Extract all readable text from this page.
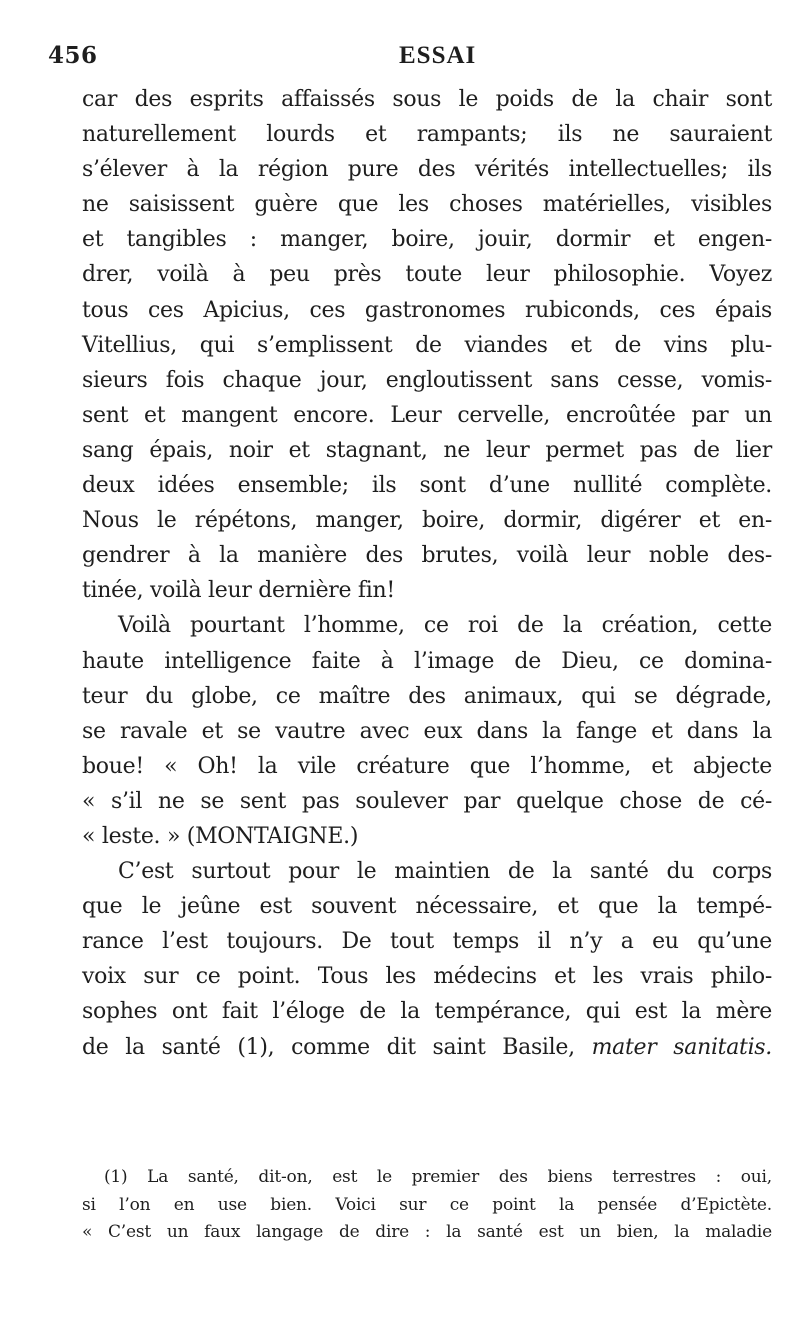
456	ESSAI
car des esprits affaissés sous le poids de la chair sont
naturellement lourds et rampants; ils ne sauraient
s’élever à la région pure des vérités intellectuelles; ils
ne saisissent guère que les choses matérielles, visibles
et tangibles : manger, boire, jouir, dormir et engen-
drer, voilà à peu près toute leur philosophie. Voyez
tous ces Apicius, ces gastronomes rubiconds, ces épais
Vitellius, qui s’emplissent de viandes et de vins plu-
sieurs fois chaque jour, engloutissent sans cesse, vomis-
sent et mangent encore. Leur cervelle, encroûtée par un
sang épais, noir et stagnant, ne leur permet pas de lier
deux idées ensemble; ils sont d’une nullité complète.
Nous le répétons, manger, boire, dormir, digérer et en-
gendrer à la manière des brutes, voilà leur noble des-
tinée, voilà leur dernière fin!
Voilà pourtant l’homme, ce roi de la création, cette
haute intelligence faite à l’image de Dieu, ce domina-
teur du globe, ce maître des animaux, qui se dégrade,
se ravale et se vautre avec eux dans la fange et dans la
boue! « Oh! la vile créature que l’homme, et abjecte
« s’il ne se sent pas soulever par quelque chose de cé-
« leste. » (MONTAIGNE.)
C’est surtout pour le maintien de la santé du corps
que le jeûne est souvent nécessaire, et que la tempé-
rance l’est toujours. De tout temps il n’y a eu qu’une
voix sur ce point. Tous les médecins et les vrais philo-
sophes ont fait l’éloge de la tempérance, qui est la mère
de la santé (1), comme dit saint Basile, mater sanitatis.
(1) La santé, dit-on, est le premier des biens terrestres : oui,
si l’on en use bien. Voici sur ce point la pensée d’Epictète.
« C’est un faux langage de dire : la santé est un bien, la maladie
